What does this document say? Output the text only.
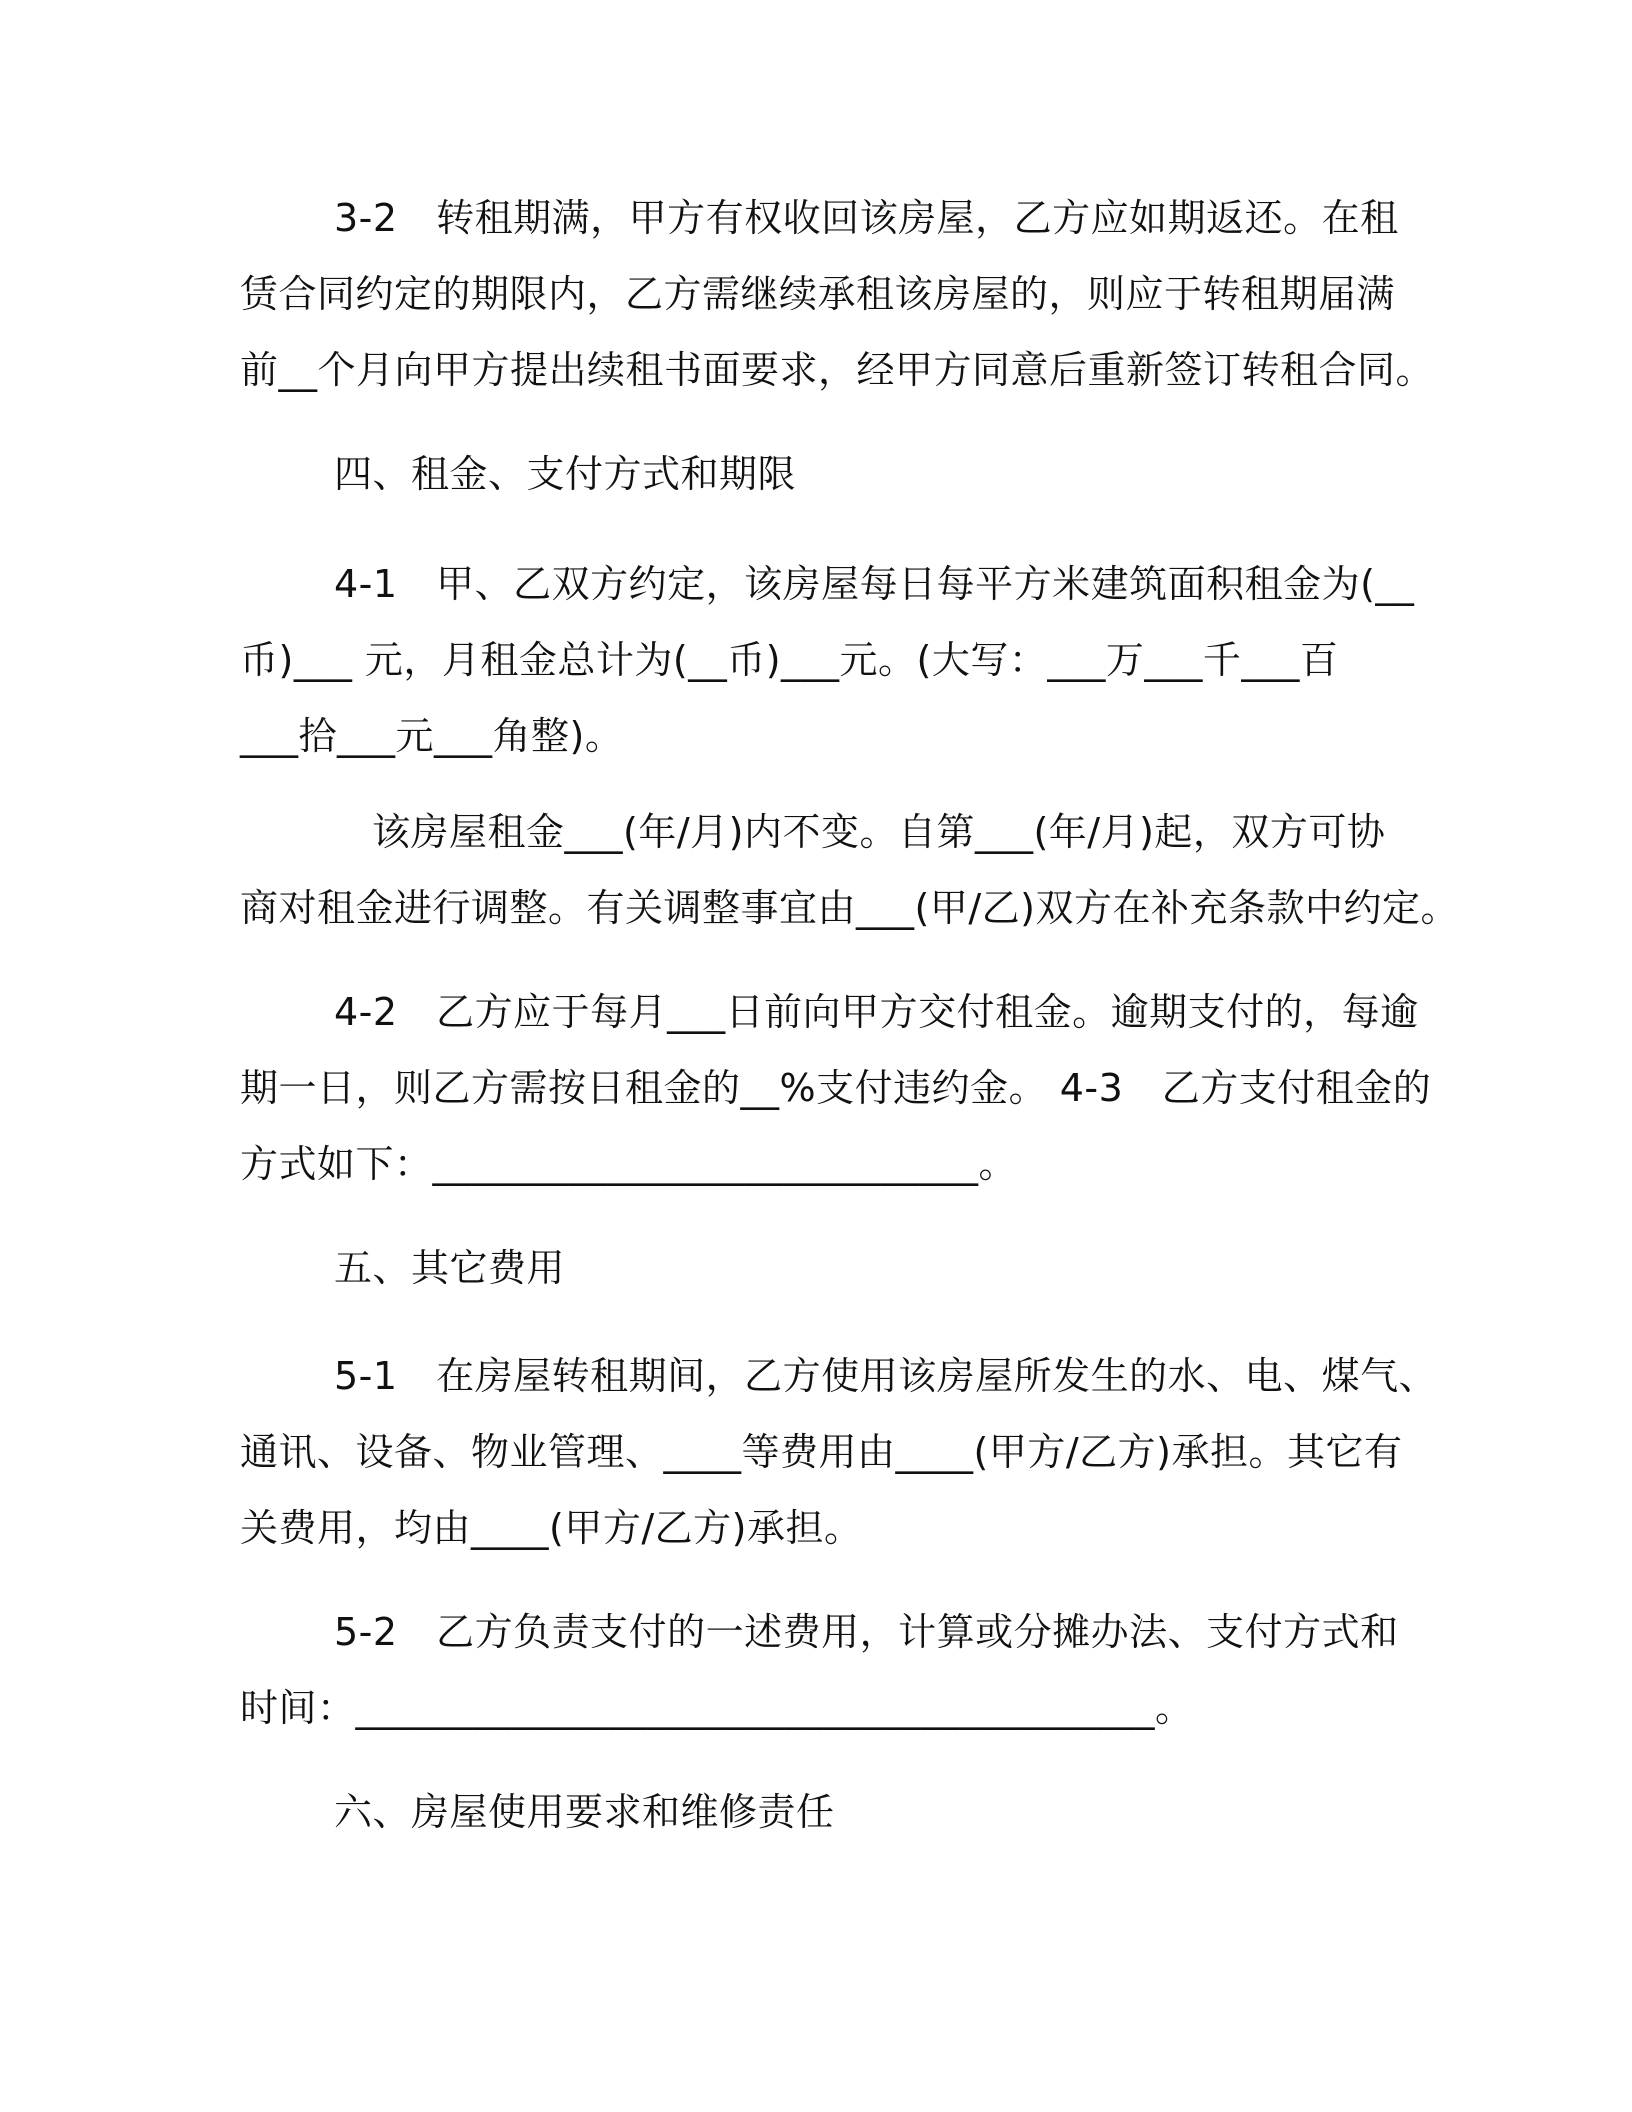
3-2　转租期满，甲方有权收回该房屋，乙方应如期返还。在租

赁合同约定的期限内，乙方需继续承租该房屋的，则应于转租期届满

前__个月向甲方提出续租书面要求，经甲方同意后重新签订转租合同。

四、租金、支付方式和期限

4-1　甲、乙双方约定，该房屋每日每平方米建筑面积租金为(__

币)___ 元，月租金总计为(__币)___元。(大写：___万___千___百

___拾___元___角整)。

该房屋租金___(年/月)内不变。自第___(年/月)起，双方可协

商对租金进行调整。有关调整事宜由___(甲/乙)双方在补充条款中约定。

4-2　乙方应于每月___日前向甲方交付租金。逾期支付的，每逾

期一日，则乙方需按日租金的__%支付违约金。 4-3　乙方支付租金的

方式如下：____________________________。

五、其它费用

5-1　在房屋转租期间，乙方使用该房屋所发生的水、电、煤气、

通讯、设备、物业管理、____等费用由____(甲方/乙方)承担。其它有

关费用，均由____(甲方/乙方)承担。

5-2　乙方负责支付的一述费用，计算或分摊办法、支付方式和

时间：_________________________________________。

六、房屋使用要求和维修责任
